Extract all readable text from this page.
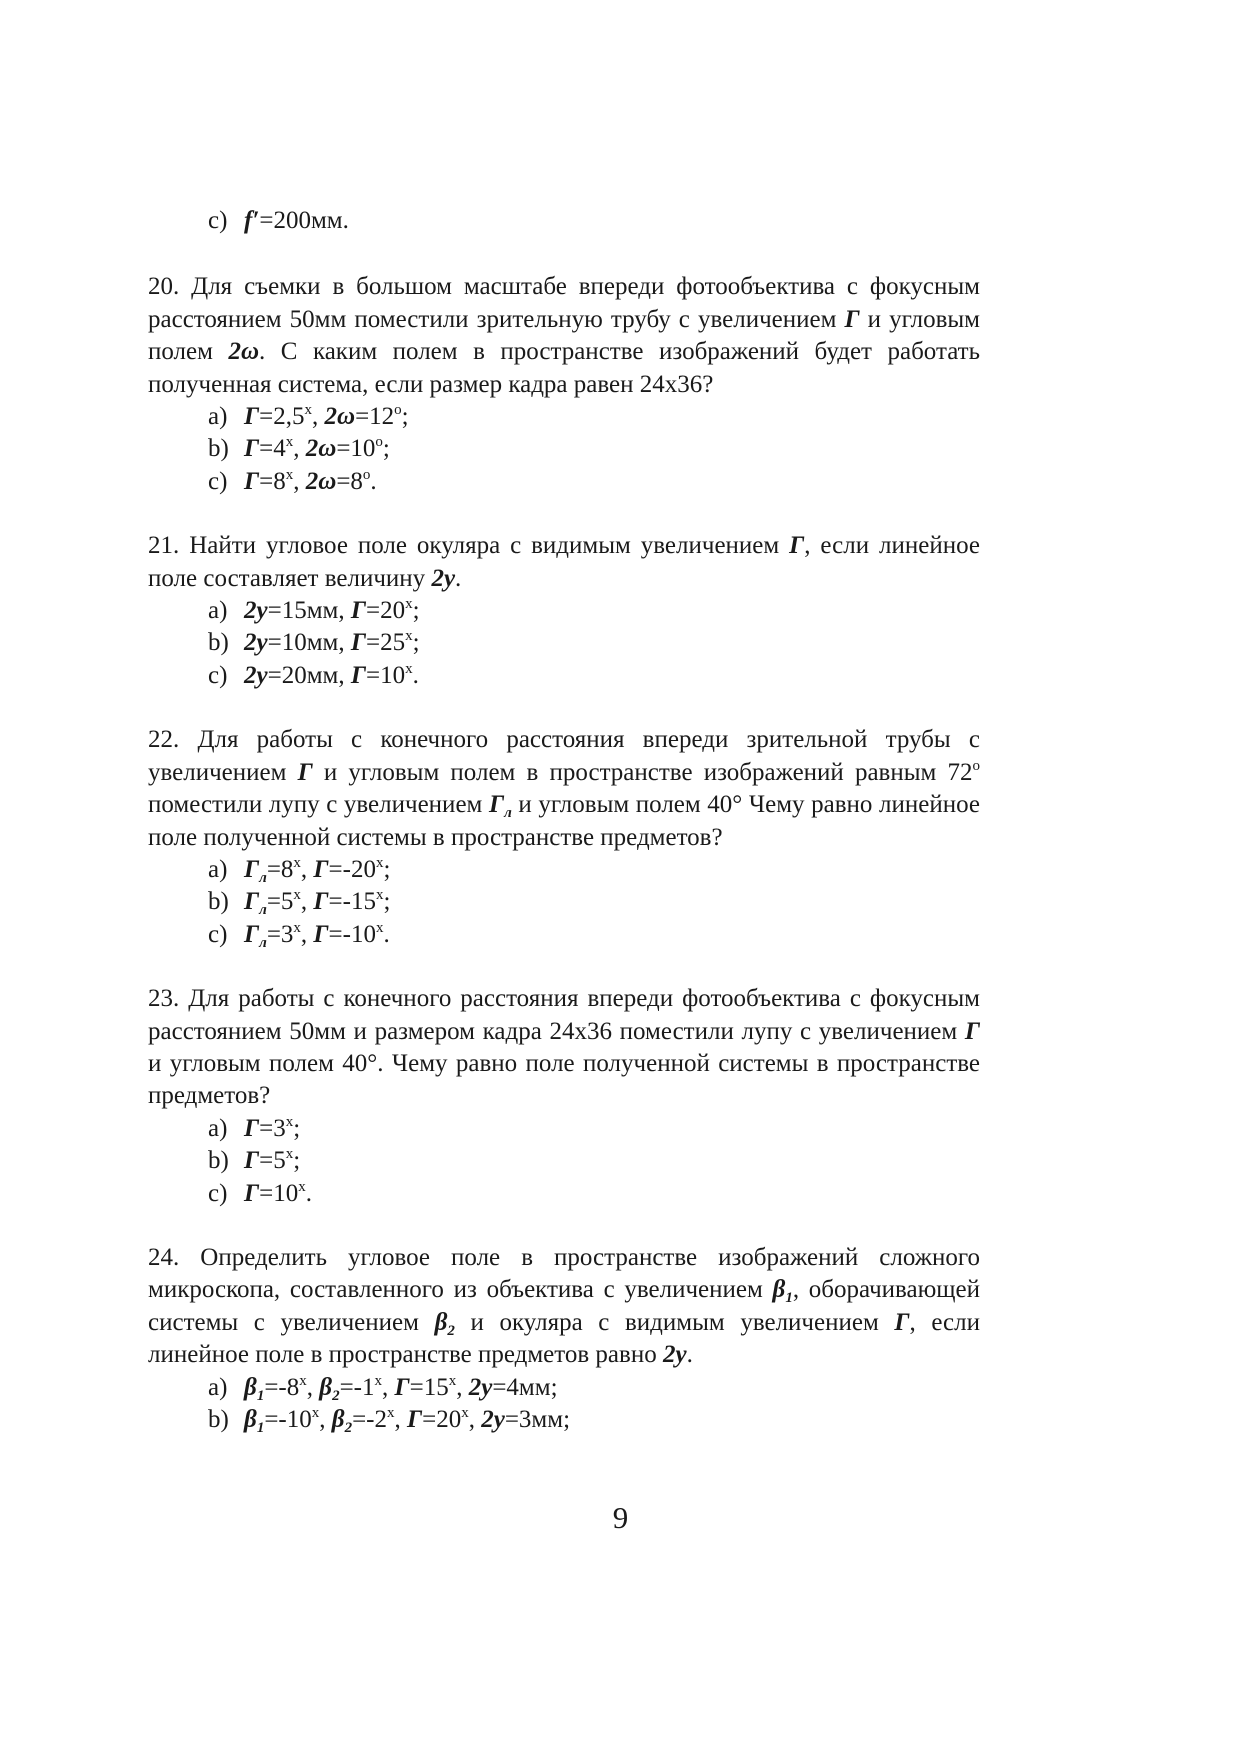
c) f′=200мм.

20. Для съемки в большом масштабе впереди фотообъектива с фокусным расстоянием 50мм поместили зрительную трубу с увеличением Г и угловым полем 2ω. С каким полем в пространстве изображений будет работать полученная система, если размер кадра равен 24x36?

a) $Г=2,5^x$, $2\omega=12^o$;
b) $Г=4^x$, $2\omega=10^o$;
c) $Г=8^x$, $2\omega=8^o$.

21. Найти угловое поле окуляра с видимым увеличением Г, если линейное поле составляет величину 2y.

a) 2y=15мм, $Г=20^x$;
b) 2y=10мм, $Г=25^x$;
c) 2y=20мм, $Г=10^x$.

22. Для работы с конечного расстояния впереди зрительной трубы с увеличением Г и угловым полем в пространстве изображений равным 72$^o$ поместили лупу с увеличением $Г_л$ и угловым полем 40° Чему равно линейное поле полученной системы в пространстве предметов?

a) $Г_л=8^x$, $Г=-20^x$;
b) $Г_л=5^x$, $Г=-15^x$;
c) $Г_л=3^x$, $Г=-10^x$.

23. Для работы с конечного расстояния впереди фотообъектива с фокусным расстоянием 50мм и размером кадра 24x36 поместили лупу с увеличением Г и угловым полем 40°. Чему равно поле полученной системы в пространстве предметов?

a) $Г=3^x$;
b) $Г=5^x$;
c) $Г=10^x$.

24. Определить угловое поле в пространстве изображений сложного микроскопа, составленного из объектива с увеличением $\beta_1$, оборачивающей системы с увеличением $\beta_2$ и окуляра с видимым увеличением Г, если линейное поле в пространстве предметов равно 2y.

a) $\beta_1=-8^x$, $\beta_2=-1^x$, $Г=15^x$, 2y=4мм;
b) $\beta_1=-10^x$, $\beta_2=-2^x$, $Г=20^x$, 2y=3мм;
9
